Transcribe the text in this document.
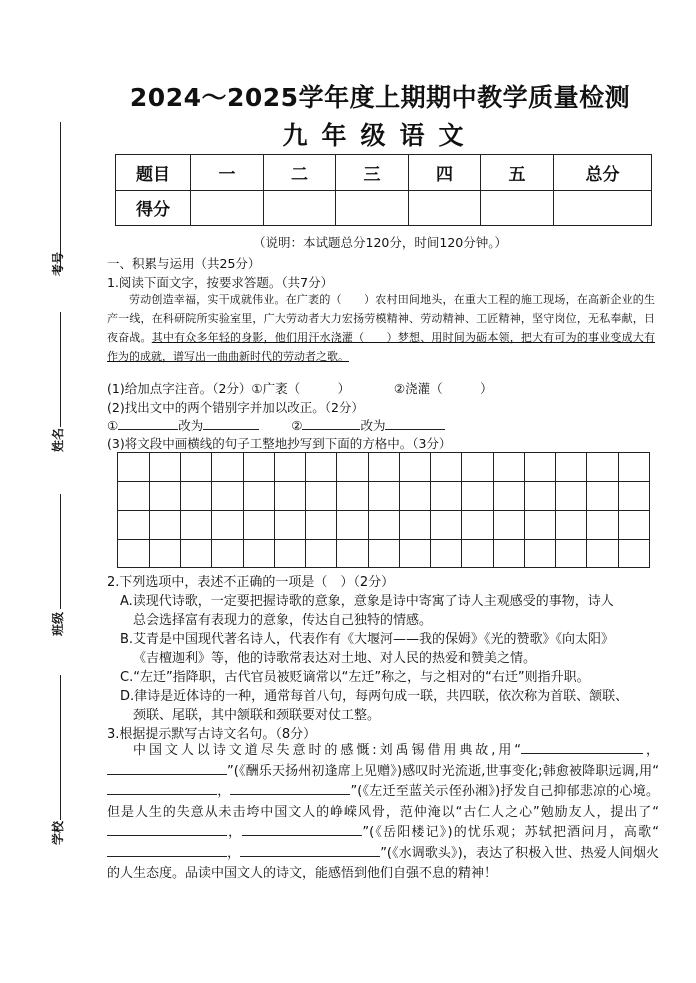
考号
姓名
班级
学校
2024～2025学年度上期期中教学质量检测
九年级语文
题目	一	二	三	四	五	总分
得分						
（说明：本试题总分120分，时间120分钟。）
一、积累与运用（共25分）
1.阅读下面文字，按要求答题。（共7分）
劳动创造幸福，实干成就伟业。在广袤的（　　）农村田间地头，在重大工程的施工现场，在高新企业的生产一线，在科研院所实验室里，广大劳动者大力宏扬劳模精神、劳动精神、工匠精神，坚守岗位，无私奉献，日夜奋战。其中有众多年轻的身影，他们用汗水浇灌（　　）梦想、用时间为砺本领，把大有可为的事业变成大有作为的成就，谱写出一曲曲新时代的劳动者之歌。
(1)给加点字注音。（2分）①广袤（　　　）　　　　②浇灌（　　　）
(2)找出文中的两个错别字并加以改正。（2分）
①	改为	②	改为
(3)将文段中画横线的句子工整地抄写到下面的方格中。（3分）
2.下列选项中，表述不正确的一项是（　）（2分）
A.读现代诗歌，一定要把握诗歌的意象，意象是诗中寄寓了诗人主观感受的事物，诗人
总会选择富有表现力的意象，传达自己独特的情感。
B.艾青是中国现代著名诗人，代表作有《大堰河——我的保姆》《光的赞歌》《向太阳》
《吉檀迦利》等，他的诗歌常表达对土地、对人民的热爱和赞美之情。
C.“左迁”指降职，古代官员被贬谪常以“左迁”称之，与之相对的“右迁”则指升职。
D.律诗是近体诗的一种，通常每首八句，每两句成一联，共四联，依次称为首联、颔联、
颈联、尾联，其中颔联和颈联要对仗工整。
3.根据提示默写古诗文名句。（8分）
中国文人以诗文道尽失意时的感慨:刘禹锡借用典故,用“	，”(《酬乐天扬州初逢席上见赠》)感叹时光流逝,世事变化;韩愈被降职远调,用“，	”(《左迁至蓝关示侄孙湘》)抒发自己抑郁悲凉的心境。但是人生的失意从未击垮中国文人的峥嵘风骨，范仲淹以“古仁人之心”勉励友人，提出了“，	”(《岳阳楼记》)的忧乐观；苏轼把酒问月，高歌“，	”(《水调歌头》)，表达了积极入世、热爱人间烟火的人生态度。品读中国文人的诗文，能感悟到他们自强不息的精神！
